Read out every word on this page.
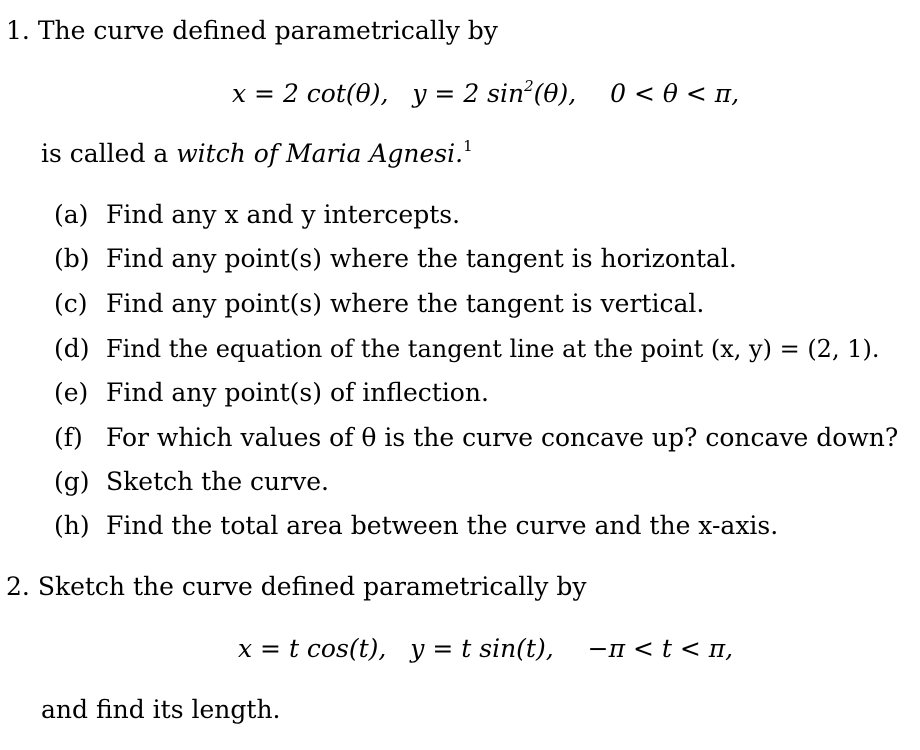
1. The curve defined parametrically by
x = 2 cot(θ), y = 2 $\sin^2(\theta)$, 0 < θ < π,
is called a witch of Maria Agnesi.$^1$
(a) Find any x and y intercepts.
(b) Find any point(s) where the tangent is horizontal.
(c) Find any point(s) where the tangent is vertical.
(d) Find the equation of the tangent line at the point (x, y) = (2, 1).
(e) Find any point(s) of inflection.
(f) For which values of θ is the curve concave up? concave down?
(g) Sketch the curve.
(h) Find the total area between the curve and the x-axis.
2. Sketch the curve defined parametrically by
x = t cos(t), y = t sin(t), −π < t < π,
and find its length.
